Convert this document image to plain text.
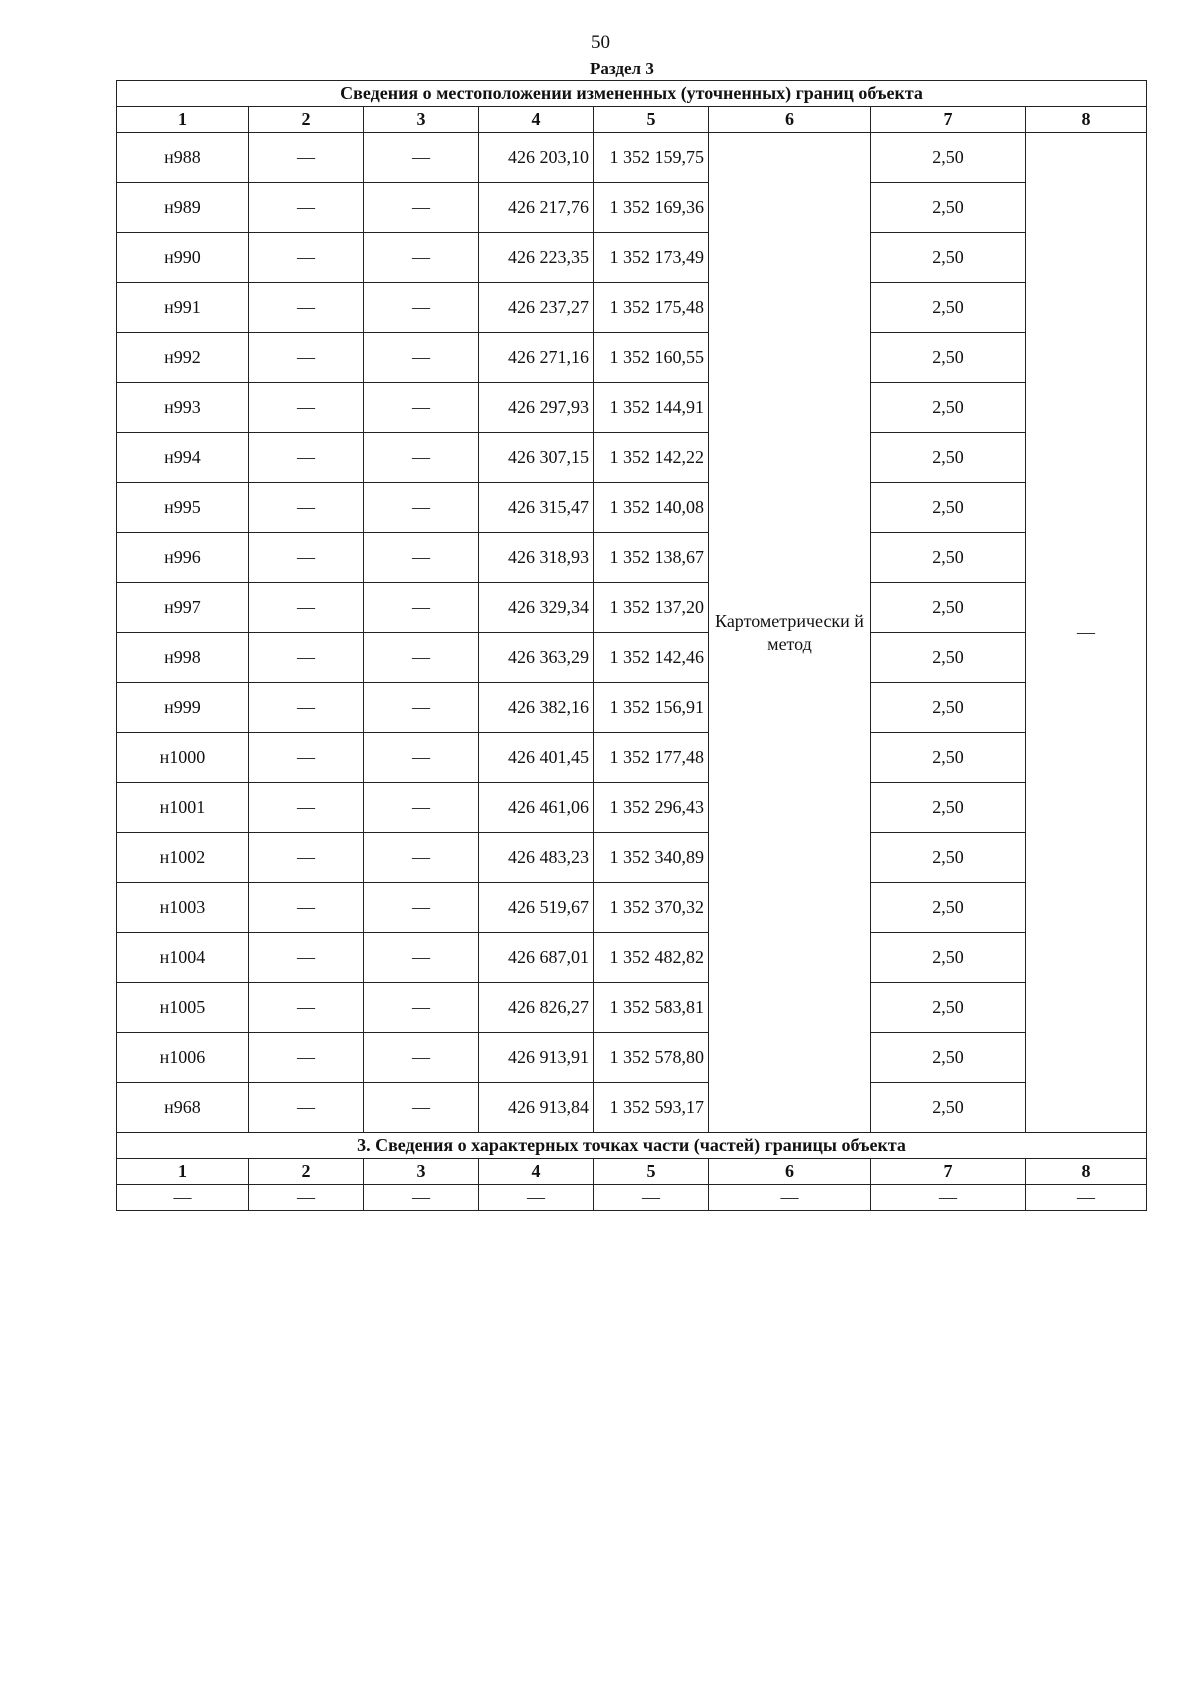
50
Раздел 3
Сведения о местоположении измененных (уточненных) границ объекта							
1	2	3	4	5	6	7	8
н988	—	—	426 203,10	1 352 159,75	Картометрически й метод	2,50	—
н989	—	—	426 217,76	1 352 169,36		2,50	
н990	—	—	426 223,35	1 352 173,49		2,50	
н991	—	—	426 237,27	1 352 175,48		2,50	
н992	—	—	426 271,16	1 352 160,55		2,50	
н993	—	—	426 297,93	1 352 144,91		2,50	
н994	—	—	426 307,15	1 352 142,22		2,50	
н995	—	—	426 315,47	1 352 140,08		2,50	
н996	—	—	426 318,93	1 352 138,67		2,50	
н997	—	—	426 329,34	1 352 137,20		2,50	
н998	—	—	426 363,29	1 352 142,46		2,50	
н999	—	—	426 382,16	1 352 156,91		2,50	
н1000	—	—	426 401,45	1 352 177,48		2,50	
н1001	—	—	426 461,06	1 352 296,43		2,50	
н1002	—	—	426 483,23	1 352 340,89		2,50	
н1003	—	—	426 519,67	1 352 370,32		2,50	
н1004	—	—	426 687,01	1 352 482,82		2,50	
н1005	—	—	426 826,27	1 352 583,81		2,50	
н1006	—	—	426 913,91	1 352 578,80		2,50	
н968	—	—	426 913,84	1 352 593,17		2,50	
3. Сведения о характерных точках части (частей) границы объекта							
1	2	3	4	5	6	7	8
—	—	—	—	—	—	—	—
